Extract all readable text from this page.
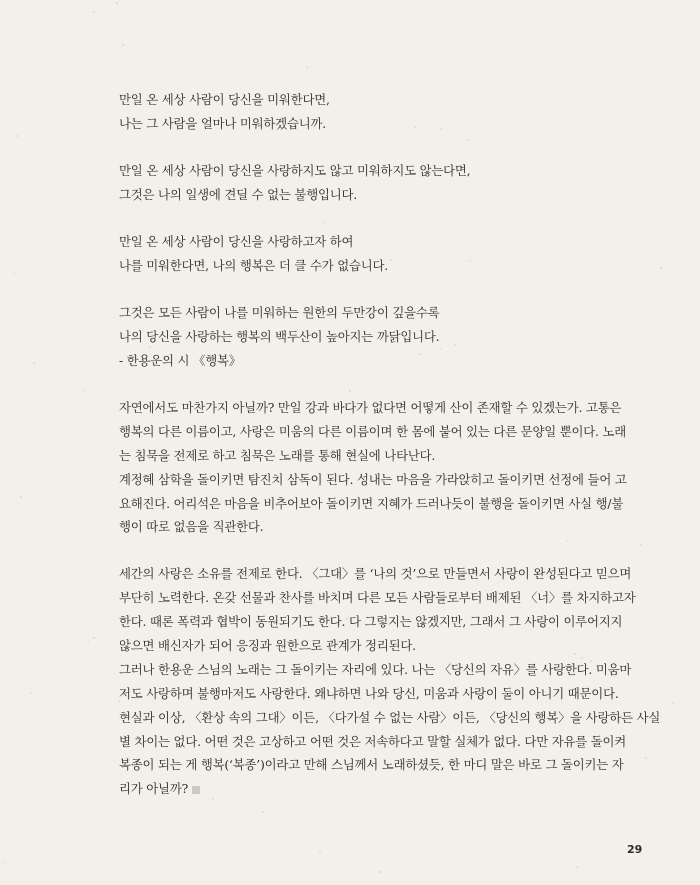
만일 온 세상 사람이 당신을 미워한다면,
나는 그 사람을 얼마나 미워하겠습니까.
만일 온 세상 사람이 당신을 사랑하지도 않고 미워하지도 않는다면,
그것은 나의 일생에 견딜 수 없는 불행입니다.
만일 온 세상 사람이 당신을 사랑하고자 하여
나를 미워한다면, 나의 행복은 더 클 수가 없습니다.
그것은 모든 사람이 나를 미워하는 원한의 두만강이 깊을수록
나의 당신을 사랑하는 행복의 백두산이 높아지는 까닭입니다.
- 한용운의 시 《행복》
자연에서도 마찬가지 아닐까? 만일 강과 바다가 없다면 어떻게 산이 존재할 수 있겠는가. 고통은
행복의 다른 이름이고, 사랑은 미움의 다른 이름이며 한 몸에 붙어 있는 다른 문양일 뿐이다. 노래
는 침묵을 전제로 하고 침묵은 노래를 통해 현실에 나타난다.
계정혜 삼학을 돌이키면 탐진치 삼독이 된다. 성내는 마음을 가라앉히고 돌이키면 선정에 들어 고
요해진다. 어리석은 마음을 비추어보아 돌이키면 지혜가 드러나듯이 불행을 돌이키면 사실 행/불
행이 따로 없음을 직관한다.
세간의 사랑은 소유를 전제로 한다. 〈그대〉를 ‘나의 것’으로 만들면서 사랑이 완성된다고 믿으며
부단히 노력한다. 온갖 선물과 찬사를 바치며 다른 모든 사람들로부터 배제된 〈너〉를 차지하고자
한다. 때론 폭력과 협박이 동원되기도 한다. 다 그렇지는 않겠지만, 그래서 그 사랑이 이루어지지
않으면 배신자가 되어 응징과 원한으로 관계가 정리된다.
그러나 한용운 스님의 노래는 그 돌이키는 자리에 있다. 나는 〈당신의 자유〉를 사랑한다. 미움마
저도 사랑하며 불행마저도 사랑한다. 왜냐하면 나와 당신, 미움과 사랑이 둘이 아니기 때문이다.
현실과 이상, 〈환상 속의 그대〉이든, 〈다가설 수 없는 사람〉이든, 〈당신의 행복〉을 사랑하든 사실
별 차이는 없다. 어떤 것은 고상하고 어떤 것은 저속하다고 말할 실체가 없다. 다만 자유를 돌이켜
복종이 되는 게 행복(‘복종’)이라고 만해 스님께서 노래하셨듯, 한 마디 말은 바로 그 돌이키는 자
리가 아닐까?
29
